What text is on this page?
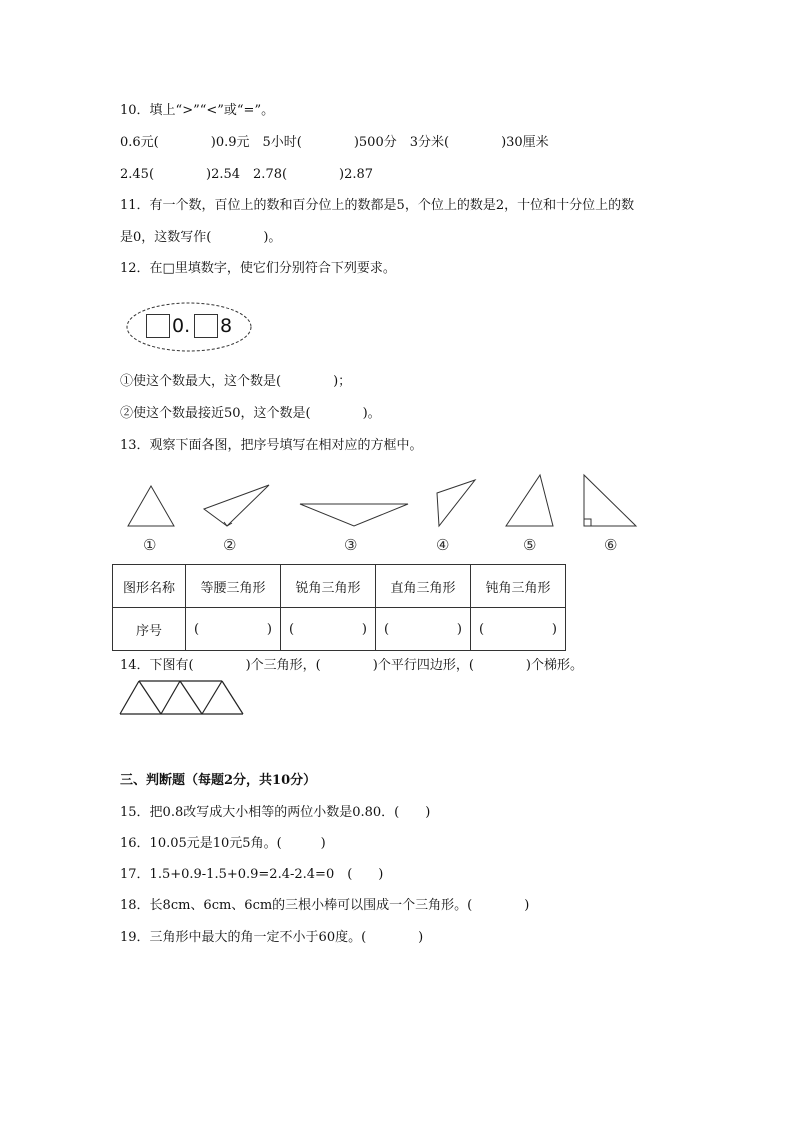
10．填上“>”“<”或“=”。
0.6元(　　　　)0.9元　5小时(　　　　)500分　3分米(　　　　)30厘米
2.45(　　　　)2.54　2.78(　　　　)2.87
11．有一个数，百位上的数和百分位上的数都是5，个位上的数是2，十位和十分位上的数
是0，这数写作(　　　　)。
12．在□里填数字，使它们分别符合下列要求。
0. 8
①使这个数最大，这个数是(　　　　)；
②使这个数最接近50，这个数是(　　　　)。
13．观察下面各图，把序号填写在相对应的方框中。
①	②	③	④	⑤	⑥
图形名称	等腰三角形	锐角三角形	直角三角形	钝角三角形
序号	( )	( )	( )	( )
14．下图有(　　　　)个三角形，(　　　　)个平行四边形，(　　　　)个梯形。
三、判断题（每题2分，共10分）
15．把0.8改写成大小相等的两位小数是0.80．(　　)
16．10.05元是10元5角。(　　　)
17．1.5+0.9-1.5+0.9=2.4-2.4=0　(　　)
18．长8cm、6cm、6cm的三根小棒可以围成一个三角形。(　　　　)
19．三角形中最大的角一定不小于60度。(　　　　)
